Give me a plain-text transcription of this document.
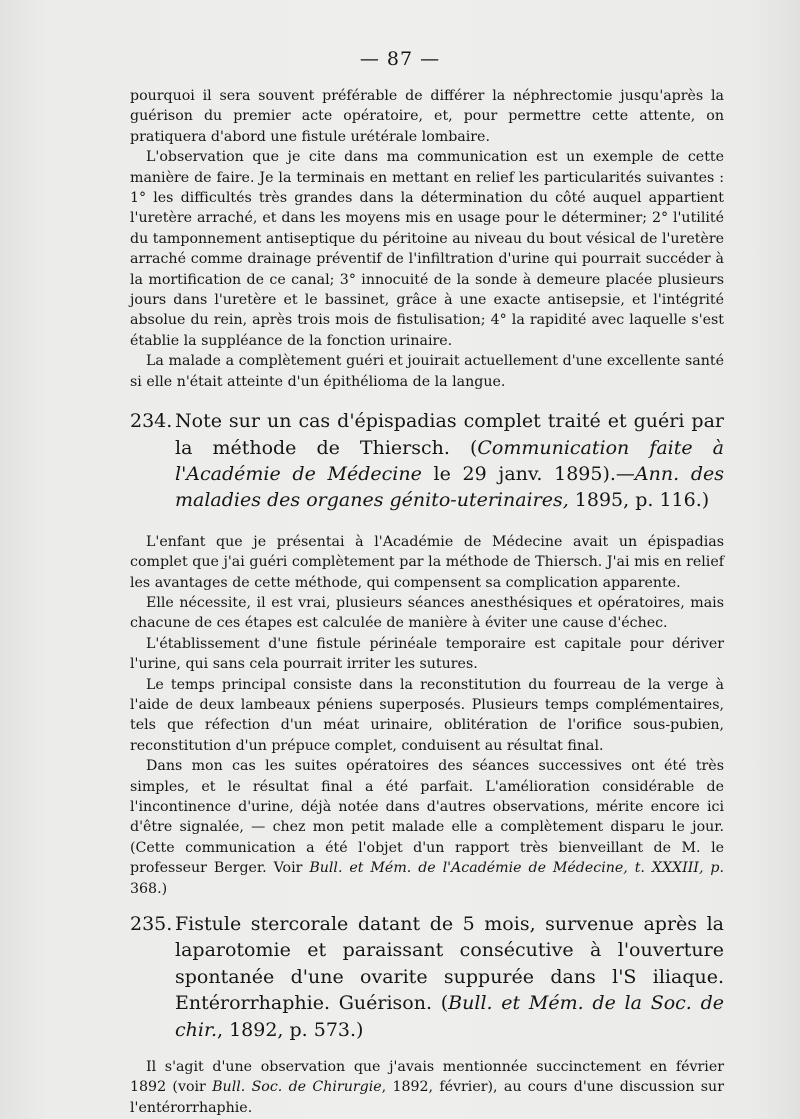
— 87 —

pourquoi il sera souvent préférable de différer la néphrectomie jusqu'après la guérison du premier acte opératoire, et, pour permettre cette attente, on pratiquera d'abord une fistule urétérale lombaire.

L'observation que je cite dans ma communication est un exemple de cette manière de faire. Je la terminais en mettant en relief les particularités suivantes : 1° les difficultés très grandes dans la détermination du côté auquel appartient l'uretère arraché, et dans les moyens mis en usage pour le déterminer; 2° l'utilité du tamponnement antiseptique du péritoine au niveau du bout vésical de l'uretère arraché comme drainage préventif de l'infiltration d'urine qui pourrait succéder à la mortification de ce canal; 3° innocuité de la sonde à demeure placée plusieurs jours dans l'uretère et le bassinet, grâce à une exacte antisepsie, et l'intégrité absolue du rein, après trois mois de fistulisation; 4° la rapidité avec laquelle s'est établie la suppléance de la fonction urinaire.

La malade a complètement guéri et jouirait actuellement d'une excellente santé si elle n'était atteinte d'un épithélioma de la langue.

234. Note sur un cas d'épispadias complet traité et guéri par la méthode de Thiersch. (Communication faite à l'Académie de Médecine le 29 janv. 1895).—Ann. des maladies des organes génito-uterinaires, 1895, p. 116.)

L'enfant que je présentai à l'Académie de Médecine avait un épispadias complet que j'ai guéri complètement par la méthode de Thiersch. J'ai mis en relief les avantages de cette méthode, qui compensent sa complication apparente.

Elle nécessite, il est vrai, plusieurs séances anesthésiques et opératoires, mais chacune de ces étapes est calculée de manière à éviter une cause d'échec.

L'établissement d'une fistule périnéale temporaire est capitale pour dériver l'urine, qui sans cela pourrait irriter les sutures.

Le temps principal consiste dans la reconstitution du fourreau de la verge à l'aide de deux lambeaux péniens superposés. Plusieurs temps complémentaires, tels que réfection d'un méat urinaire, oblitération de l'orifice sous-pubien, reconstitution d'un prépuce complet, conduisent au résultat final.

Dans mon cas les suites opératoires des séances successives ont été très simples, et le résultat final a été parfait. L'amélioration considérable de l'incontinence d'urine, déjà notée dans d'autres observations, mérite encore ici d'être signalée, — chez mon petit malade elle a complètement disparu le jour. (Cette communication a été l'objet d'un rapport très bienveillant de M. le professeur Berger. Voir Bull. et Mém. de l'Académie de Médecine, t. XXXIII, p. 368.)

235. Fistule stercorale datant de 5 mois, survenue après la laparotomie et paraissant consécutive à l'ouverture spontanée d'une ovarite suppurée dans l'S iliaque. Entérorrhaphie. Guérison. (Bull. et Mém. de la Soc. de chir., 1892, p. 573.)

Il s'agit d'une observation que j'avais mentionnée succinctement en février 1892 (voir Bull. Soc. de Chirurgie, 1892, février), au cours d'une discussion sur l'entérorrhaphie.
